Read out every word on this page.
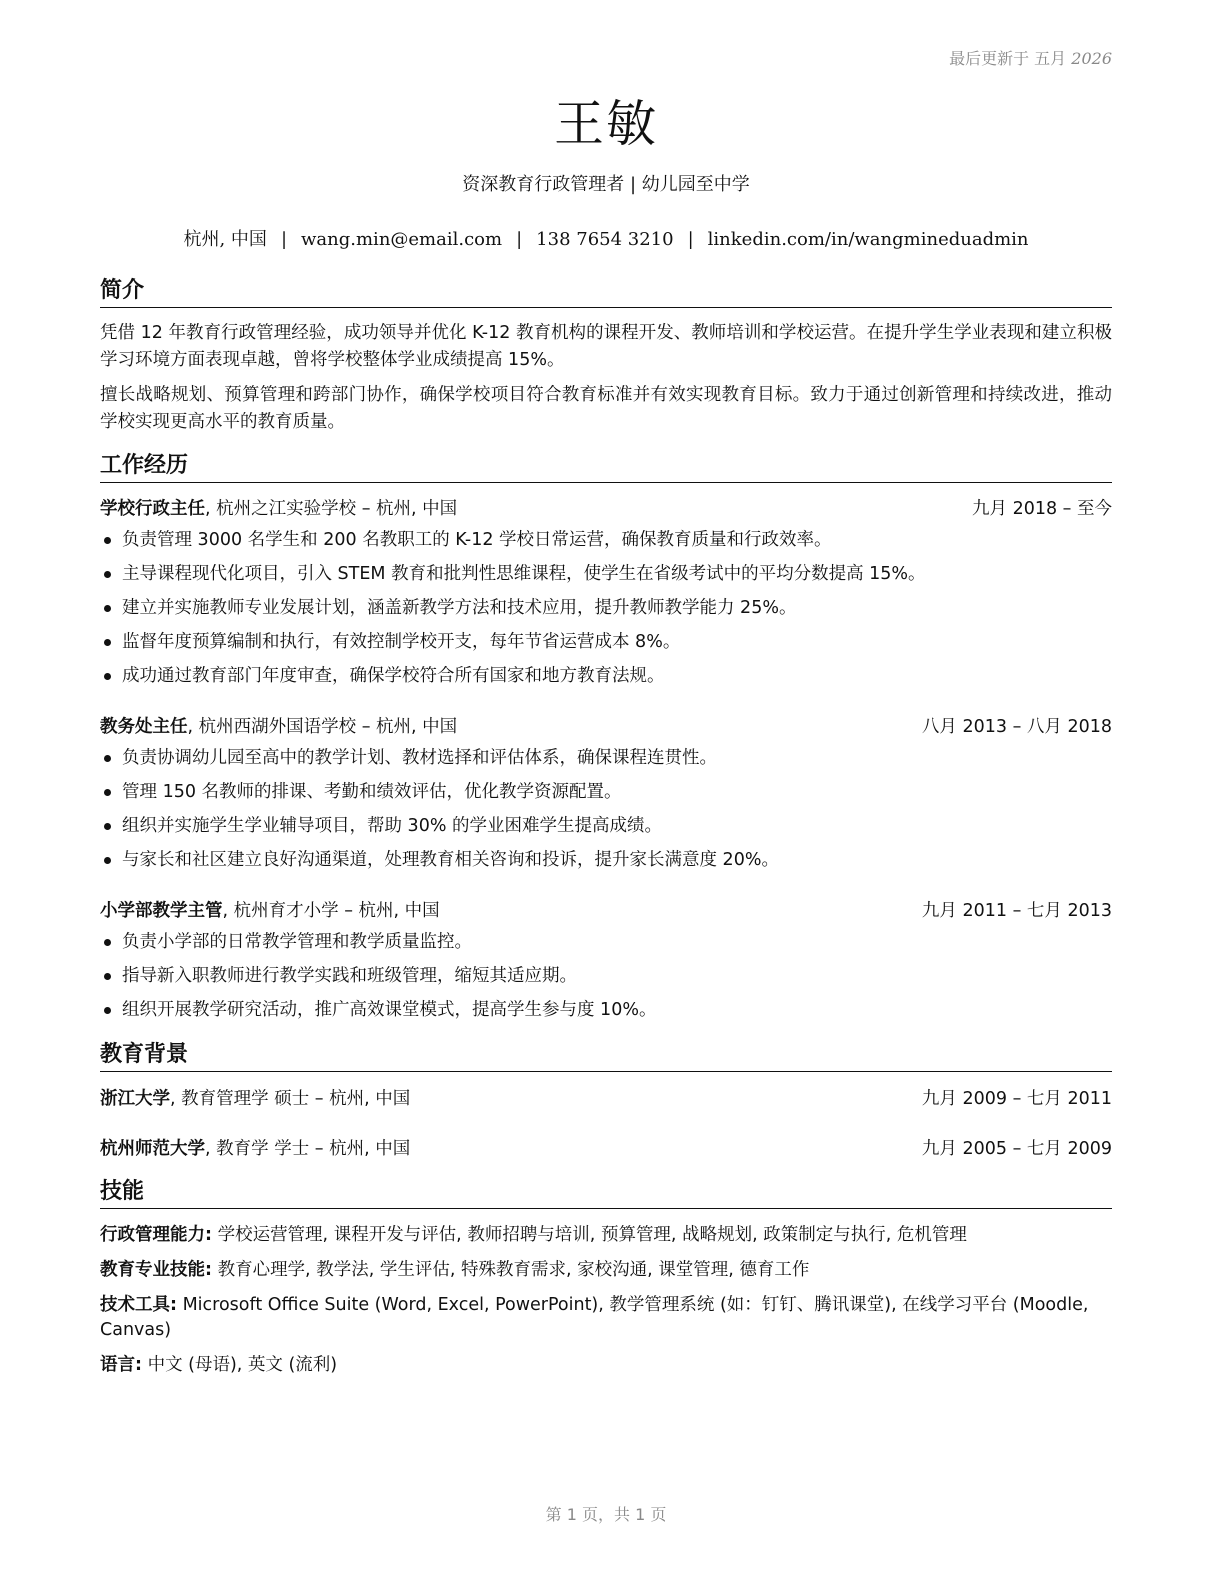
最后更新于 五月 2026
王敏
资深教育行政管理者 | 幼儿园至中学
杭州, 中国 | wang.min@email.com | 138 7654 3210 | linkedin.com/in/wangmineduadmin
简介
凭借 12 年教育行政管理经验，成功领导并优化 K-12 教育机构的课程开发、教师培训和学校运营。在提升学生学业表现和建立积极学习环境方面表现卓越，曾将学校整体学业成绩提高 15%。
擅长战略规划、预算管理和跨部门协作，确保学校项目符合教育标准并有效实现教育目标。致力于通过创新管理和持续改进，推动学校实现更高水平的教育质量。
工作经历
学校行政主任, 杭州之江实验学校 – 杭州, 中国	九月 2018 – 至今
负责管理 3000 名学生和 200 名教职工的 K-12 学校日常运营，确保教育质量和行政效率。
主导课程现代化项目，引入 STEM 教育和批判性思维课程，使学生在省级考试中的平均分数提高 15%。
建立并实施教师专业发展计划，涵盖新教学方法和技术应用，提升教师教学能力 25%。
监督年度预算编制和执行，有效控制学校开支，每年节省运营成本 8%。
成功通过教育部门年度审查，确保学校符合所有国家和地方教育法规。
教务处主任, 杭州西湖外国语学校 – 杭州, 中国	八月 2013 – 八月 2018
负责协调幼儿园至高中的教学计划、教材选择和评估体系，确保课程连贯性。
管理 150 名教师的排课、考勤和绩效评估，优化教学资源配置。
组织并实施学生学业辅导项目，帮助 30% 的学业困难学生提高成绩。
与家长和社区建立良好沟通渠道，处理教育相关咨询和投诉，提升家长满意度 20%。
小学部教学主管, 杭州育才小学 – 杭州, 中国	九月 2011 – 七月 2013
负责小学部的日常教学管理和教学质量监控。
指导新入职教师进行教学实践和班级管理，缩短其适应期。
组织开展教学研究活动，推广高效课堂模式，提高学生参与度 10%。
教育背景
浙江大学, 教育管理学 硕士 – 杭州, 中国	九月 2009 – 七月 2011
杭州师范大学, 教育学 学士 – 杭州, 中国	九月 2005 – 七月 2009
技能
行政管理能力: 学校运营管理, 课程开发与评估, 教师招聘与培训, 预算管理, 战略规划, 政策制定与执行, 危机管理
教育专业技能: 教育心理学, 教学法, 学生评估, 特殊教育需求, 家校沟通, 课堂管理, 德育工作
技术工具: Microsoft Office Suite (Word, Excel, PowerPoint), 教学管理系统 (如：钉钉、腾讯课堂), 在线学习平台 (Moodle, Canvas)
语言: 中文 (母语), 英文 (流利)
第 1 页，共 1 页
